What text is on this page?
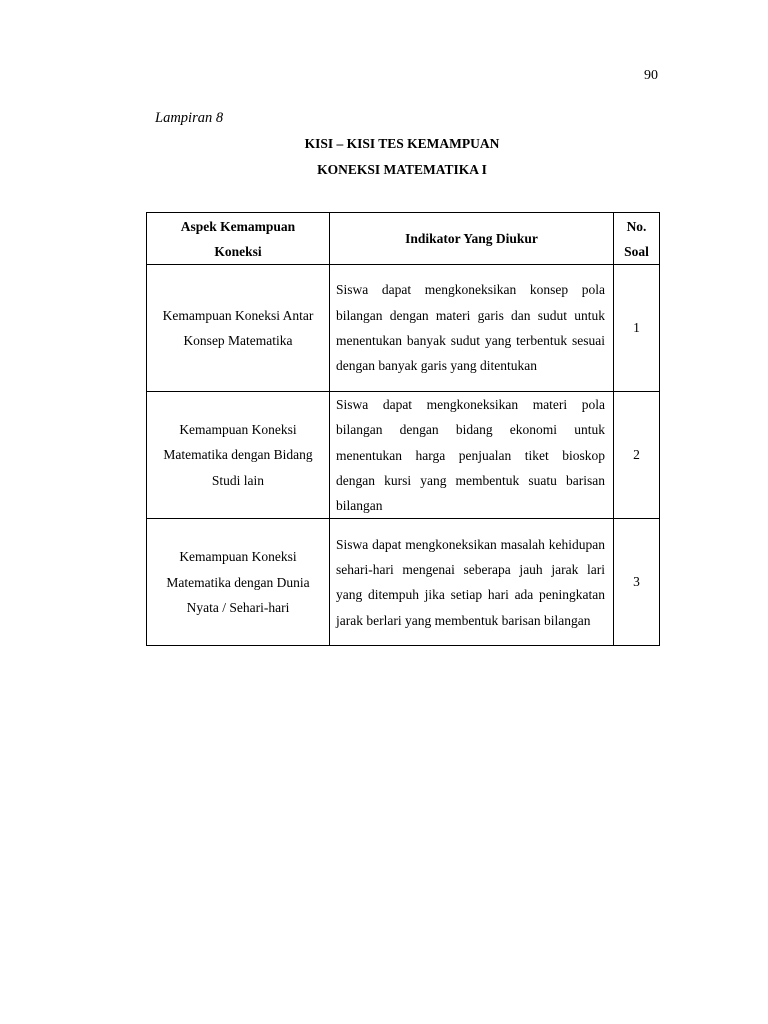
90
Lampiran 8
KISI – KISI TES KEMAMPUAN
KONEKSI MATEMATIKA I
Aspek Kemampuan Koneksi	Indikator Yang Diukur	No. Soal
Kemampuan Koneksi Antar Konsep Matematika	Siswa dapat mengkoneksikan konsep pola bilangan dengan materi garis dan sudut untuk menentukan banyak sudut yang terbentuk sesuai dengan banyak garis yang ditentukan	1
Kemampuan Koneksi Matematika dengan Bidang Studi lain	Siswa dapat mengkoneksikan materi pola bilangan dengan bidang ekonomi untuk menentukan harga penjualan tiket bioskop dengan kursi yang membentuk suatu barisan bilangan	2
Kemampuan Koneksi Matematika dengan Dunia Nyata / Sehari-hari	Siswa dapat mengkoneksikan masalah kehidupan sehari-hari mengenai seberapa jauh jarak lari yang ditempuh jika setiap hari ada peningkatan jarak berlari yang membentuk barisan bilangan	3
